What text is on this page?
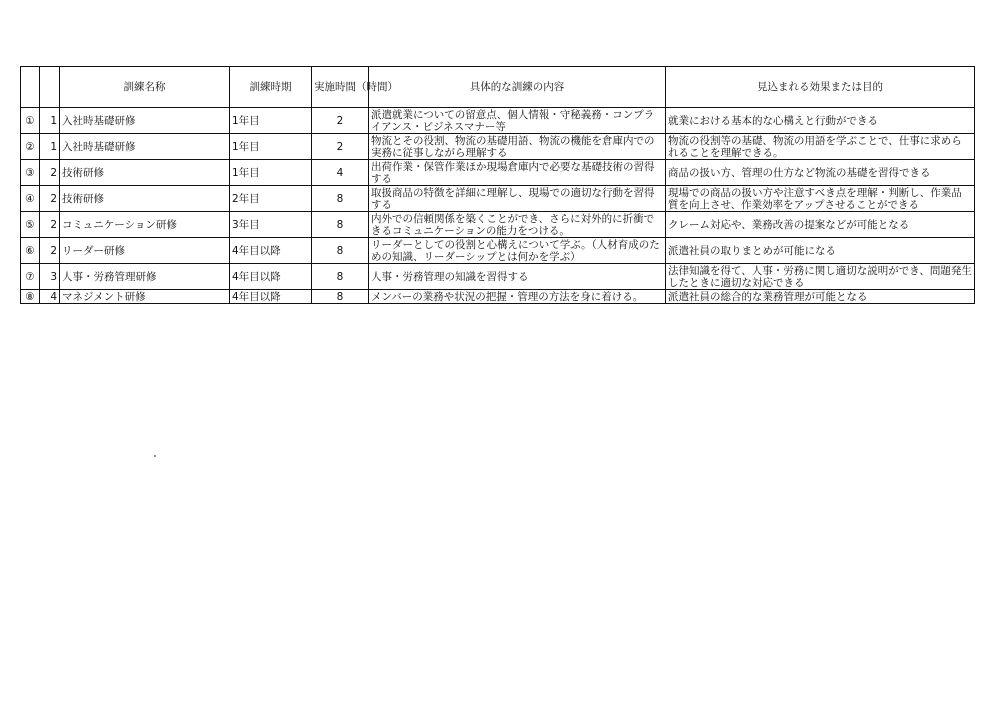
		訓練名称	訓練時期	実施時間（時間）	具体的な訓練の内容	見込まれる効果または目的
①	1	入社時基礎研修	1年目	2	派遣就業についての留意点、個人情報・守秘義務・コンプライアンス・ビジネスマナー等	就業における基本的な心構えと行動ができる
②	1	入社時基礎研修	1年目	2	物流とその役割、物流の基礎用語、物流の機能を倉庫内での実務に従事しながら理解する	物流の役割等の基礎、物流の用語を学ぶことで、仕事に求められることを理解できる。
③	2	技術研修	1年目	4	出荷作業・保管作業ほか現場倉庫内で必要な基礎技術の習得する	商品の扱い方、管理の仕方など物流の基礎を習得できる
④	2	技術研修	2年目	8	取扱商品の特徴を詳細に理解し、現場での適切な行動を習得する	現場での商品の扱い方や注意すべき点を理解・判断し、作業品質を向上させ、作業効率をアップさせることができる
⑤	2	コミュニケーション研修	3年目	8	内外での信頼関係を築くことができ、さらに対外的に折衝できるコミュニケーションの能力をつける。	クレーム対応や、業務改善の提案などが可能となる
⑥	2	リーダー研修	4年目以降	8	リーダーとしての役割と心構えについて学ぶ。（人材育成のための知識、リーダーシップとは何かを学ぶ）	派遣社員の取りまとめが可能になる
⑦	3	人事・労務管理研修	4年目以降	8	人事・労務管理の知識を習得する	法律知識を得て、人事・労務に関し適切な説明ができ、問題発生したときに適切な対応できる
⑧	4	マネジメント研修	4年目以降	8	メンバーの業務や状況の把握・管理の方法を身に着ける。	派遣社員の総合的な業務管理が可能となる
